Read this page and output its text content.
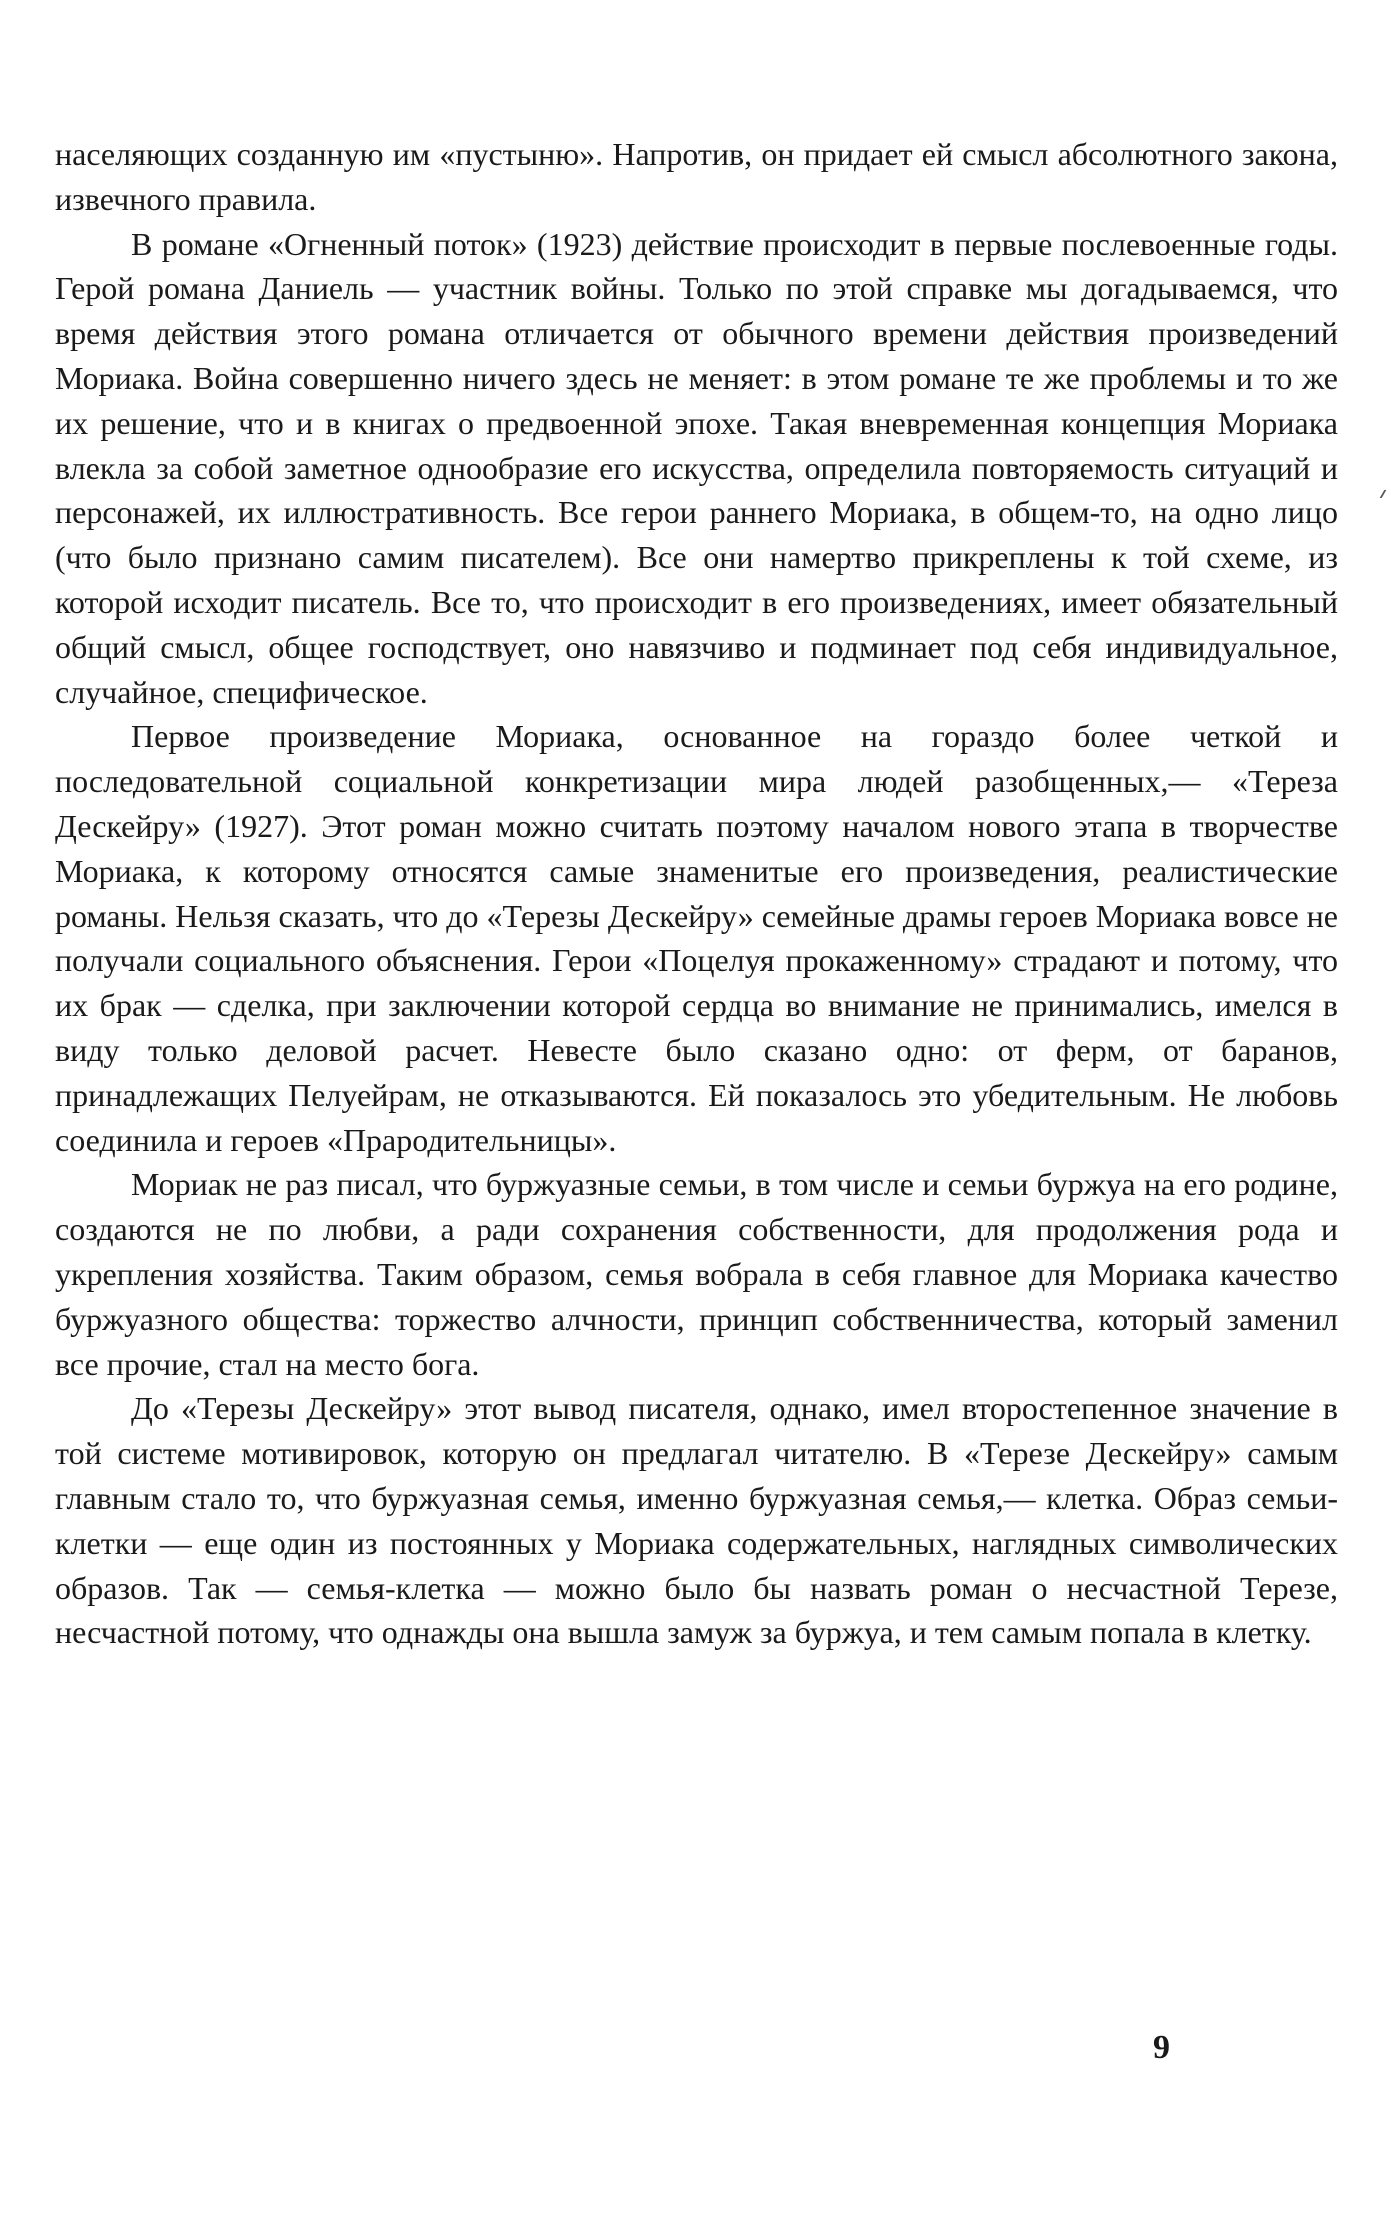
населяющих созданную им «пустыню». Напротив, он придает ей смысл абсолютного закона, извечного правила.

В романе «Огненный поток» (1923) действие происходит в первые послевоенные годы. Герой романа Даниель — участник войны. Только по этой справке мы догадываемся, что время действия этого романа отличается от обычного времени действия произведений Мориака. Война совершенно ничего здесь не меняет: в этом романе те же проблемы и то же их решение, что и в книгах о предвоенной эпохе. Такая вневременная концепция Мориака влекла за собой заметное однообразие его искусства, определила повторяемость ситуаций и персонажей, их иллюстративность. Все герои раннего Мориака, в общем-то, на одно лицо (что было признано самим писателем). Все они намертво прикреплены к той схеме, из которой исходит писатель. Все то, что происходит в его произведениях, имеет обязательный общий смысл, общее господствует, оно навязчиво и подминает под себя индивидуальное, случайное, специфическое.

Первое произведение Мориака, основанное на гораздо более четкой и последовательной социальной конкретизации мира людей разобщенных,— «Тереза Дескейру» (1927). Этот роман можно считать поэтому началом нового этапа в творчестве Мориака, к которому относятся самые знаменитые его произведения, реалистические романы. Нельзя сказать, что до «Терезы Дескейру» семейные драмы героев Мориака вовсе не получали социального объяснения. Герои «Поцелуя прокаженному» страдают и потому, что их брак — сделка, при заключении которой сердца во внимание не принимались, имелся в виду только деловой расчет. Невесте было сказано одно: от ферм, от баранов, принадлежащих Пелуейрам, не отказываются. Ей показалось это убедительным. Не любовь соединила и героев «Прародительницы».

Мориак не раз писал, что буржуазные семьи, в том числе и семьи буржуа на его родине, создаются не по любви, а ради сохранения собственности, для продолжения рода и укрепления хозяйства. Таким образом, семья вобрала в себя главное для Мориака качество буржуазного общества: торжество алчности, принцип собственничества, который заменил все прочие, стал на место бога.

До «Терезы Дескейру» этот вывод писателя, однако, имел второстепенное значение в той системе мотивировок, которую он предлагал читателю. В «Терезе Дескейру» самым главным стало то, что буржуазная семья, именно буржуазная семья,— клетка. Образ семьи-клетки — еще один из постоянных у Мориака содержательных, наглядных символических образов. Так — семья-клетка — можно было бы назвать роман о несчастной Терезе, несчастной потому, что однажды она вышла замуж за буржуа, и тем самым попала в клетку.

9
